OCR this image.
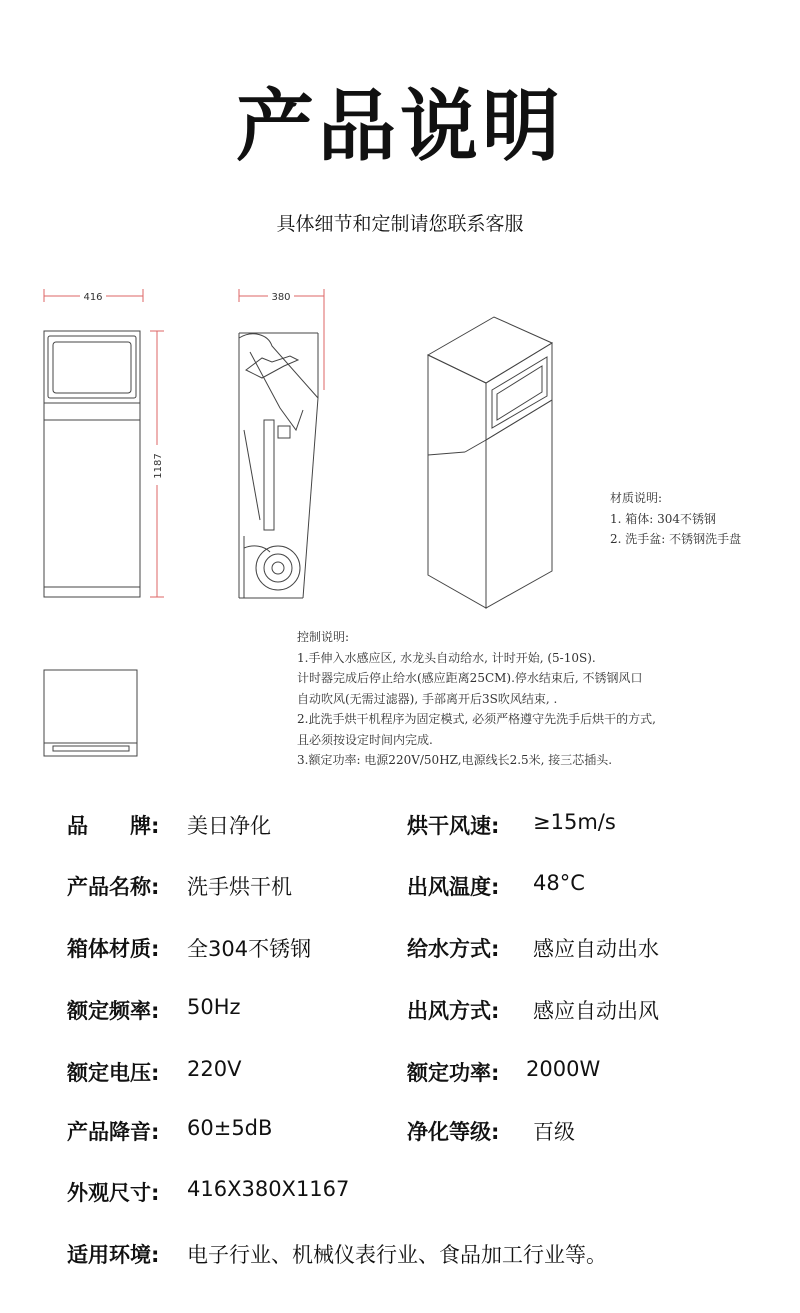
产品说明
具体细节和定制请您联系客服
416
1187
380
材质说明:
1. 箱体: 304不锈钢
2. 洗手盆: 不锈钢洗手盘
控制说明:
1.手伸入水感应区, 水龙头自动给水, 计时开始, (5-10S).
计时器完成后停止给水(感应距离25CM).停水结束后, 不锈钢风口
自动吹风(无需过滤器), 手部离开后3S吹风结束, .
2.此洗手烘干机程序为固定模式, 必须严格遵守先洗手后烘干的方式,
且必须按设定时间内完成.
3.额定功率: 电源220V/50HZ,电源线长2.5米, 接三芯插头.
品　　牌: 美日净化	烘干风速: ≥15m/s
产品名称: 洗手烘干机	出风温度: 48°C
箱体材质: 全304不锈钢	给水方式: 感应自动出水
额定频率: 50Hz	出风方式: 感应自动出风
额定电压: 220V	额定功率: 2000W
产品降音: 60±5dB	净化等级: 百级
外观尺寸: 416X380X1167
适用环境: 电子行业、机械仪表行业、食品加工行业等。
